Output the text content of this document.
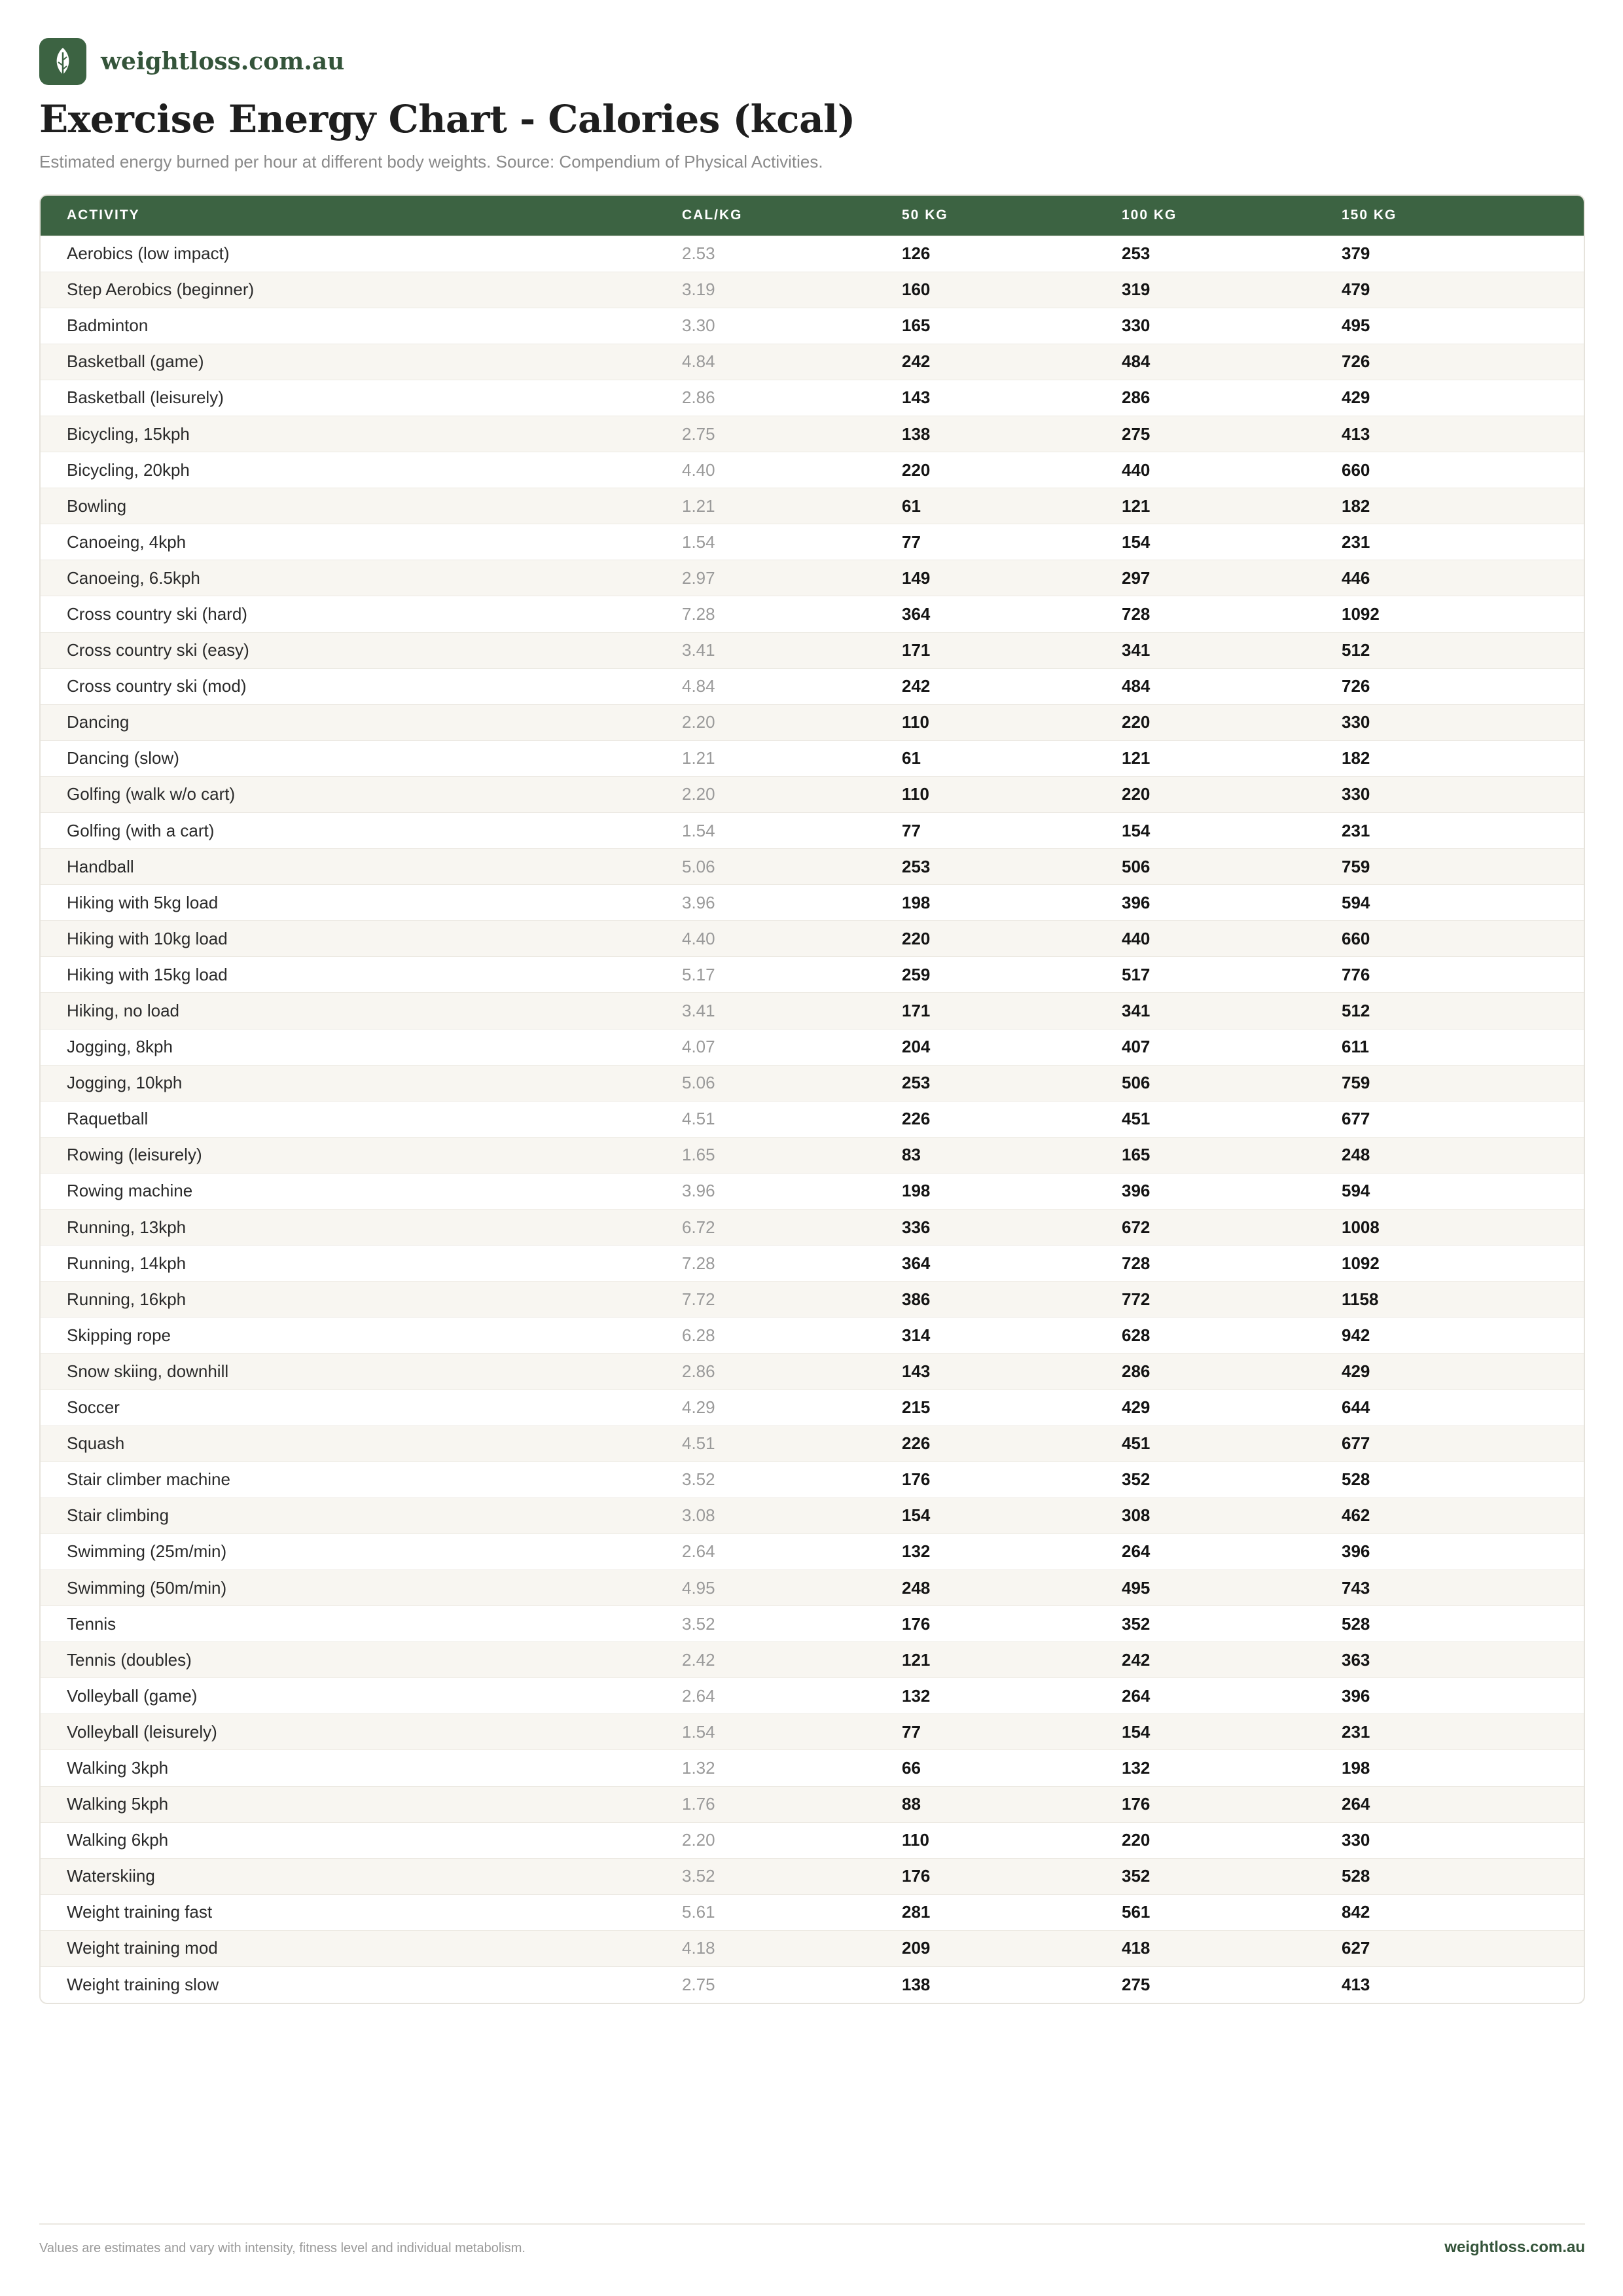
weightloss.com.au
Exercise Energy Chart - Calories (kcal)
Estimated energy burned per hour at different body weights. Source: Compendium of Physical Activities.
ACTIVITY	CAL/KG	50 KG	100 KG	150 KG
Aerobics (low impact)	2.53	126	253	379
Step Aerobics (beginner)	3.19	160	319	479
Badminton	3.30	165	330	495
Basketball (game)	4.84	242	484	726
Basketball (leisurely)	2.86	143	286	429
Bicycling, 15kph	2.75	138	275	413
Bicycling, 20kph	4.40	220	440	660
Bowling	1.21	61	121	182
Canoeing, 4kph	1.54	77	154	231
Canoeing, 6.5kph	2.97	149	297	446
Cross country ski (hard)	7.28	364	728	1092
Cross country ski (easy)	3.41	171	341	512
Cross country ski (mod)	4.84	242	484	726
Dancing	2.20	110	220	330
Dancing (slow)	1.21	61	121	182
Golfing (walk w/o cart)	2.20	110	220	330
Golfing (with a cart)	1.54	77	154	231
Handball	5.06	253	506	759
Hiking with 5kg load	3.96	198	396	594
Hiking with 10kg load	4.40	220	440	660
Hiking with 15kg load	5.17	259	517	776
Hiking, no load	3.41	171	341	512
Jogging, 8kph	4.07	204	407	611
Jogging, 10kph	5.06	253	506	759
Raquetball	4.51	226	451	677
Rowing (leisurely)	1.65	83	165	248
Rowing machine	3.96	198	396	594
Running, 13kph	6.72	336	672	1008
Running, 14kph	7.28	364	728	1092
Running, 16kph	7.72	386	772	1158
Skipping rope	6.28	314	628	942
Snow skiing, downhill	2.86	143	286	429
Soccer	4.29	215	429	644
Squash	4.51	226	451	677
Stair climber machine	3.52	176	352	528
Stair climbing	3.08	154	308	462
Swimming (25m/min)	2.64	132	264	396
Swimming (50m/min)	4.95	248	495	743
Tennis	3.52	176	352	528
Tennis (doubles)	2.42	121	242	363
Volleyball (game)	2.64	132	264	396
Volleyball (leisurely)	1.54	77	154	231
Walking 3kph	1.32	66	132	198
Walking 5kph	1.76	88	176	264
Walking 6kph	2.20	110	220	330
Waterskiing	3.52	176	352	528
Weight training fast	5.61	281	561	842
Weight training mod	4.18	209	418	627
Weight training slow	2.75	138	275	413
Values are estimates and vary with intensity, fitness level and individual metabolism.	weightloss.com.au
